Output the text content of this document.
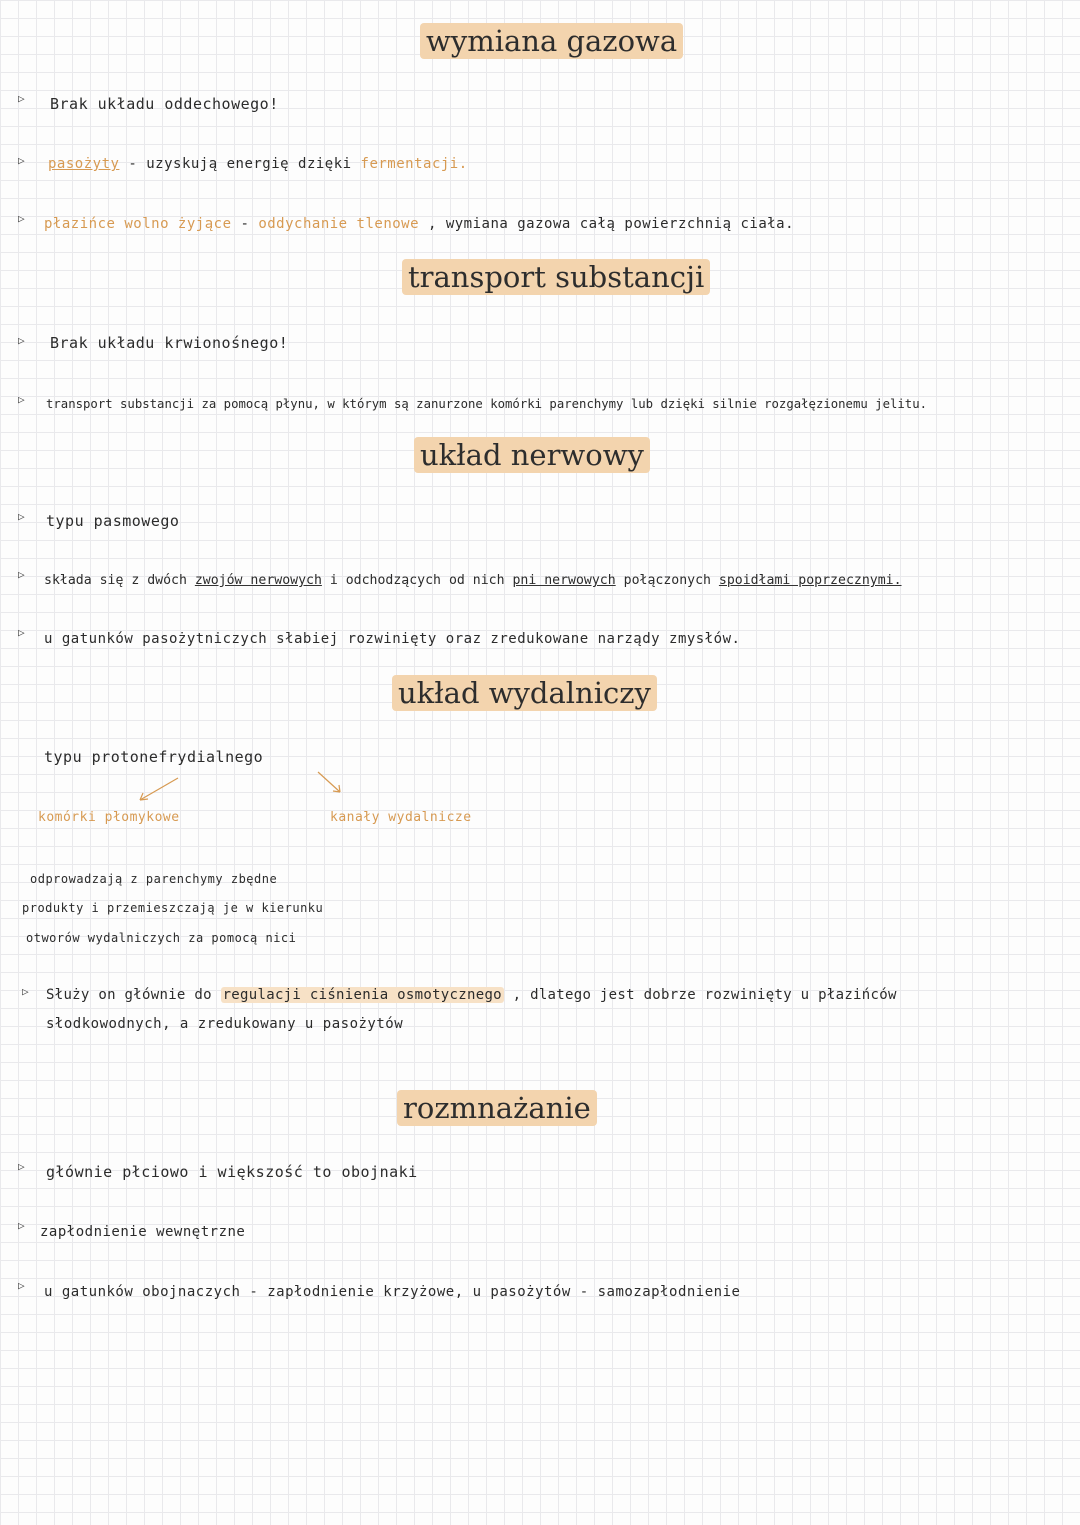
wymiana gazowa
▷ Brak układu oddechowego!
▷ pasożyty - uzyskują energię dzięki fermentacji.
▷ płazińce wolno żyjące - oddychanie tlenowe , wymiana gazowa całą powierzchnią ciała.
transport substancji
▷ Brak układu krwionośnego!
▷ transport substancji za pomocą płynu, w którym są zanurzone komórki parenchymy lub dzięki silnie rozgałęzionemu jelitu.
układ nerwowy
▷ typu pasmowego
▷ składa się z dwóch zwojów nerwowych i odchodzących od nich pni nerwowych połączonych spoidłami poprzecznymi.
▷ u gatunków pasożytniczych słabiej rozwinięty oraz zredukowane narządy zmysłów.
układ wydalniczy
typu protonefrydialnego
komórki płomykowe	kanały wydalnicze
odprowadzają z parenchymy zbędne
produkty i przemieszczają je w kierunku
otworów wydalniczych za pomocą nici
▷ Służy on głównie do regulacji ciśnienia osmotycznego , dlatego jest dobrze rozwinięty u płazińców
słodkowodnych, a zredukowany u pasożytów
rozmnażanie
▷ głównie płciowo i większość to obojnaki
▷ zapłodnienie wewnętrzne
▷ u gatunków obojnaczych - zapłodnienie krzyżowe, u pasożytów - samozapłodnienie
